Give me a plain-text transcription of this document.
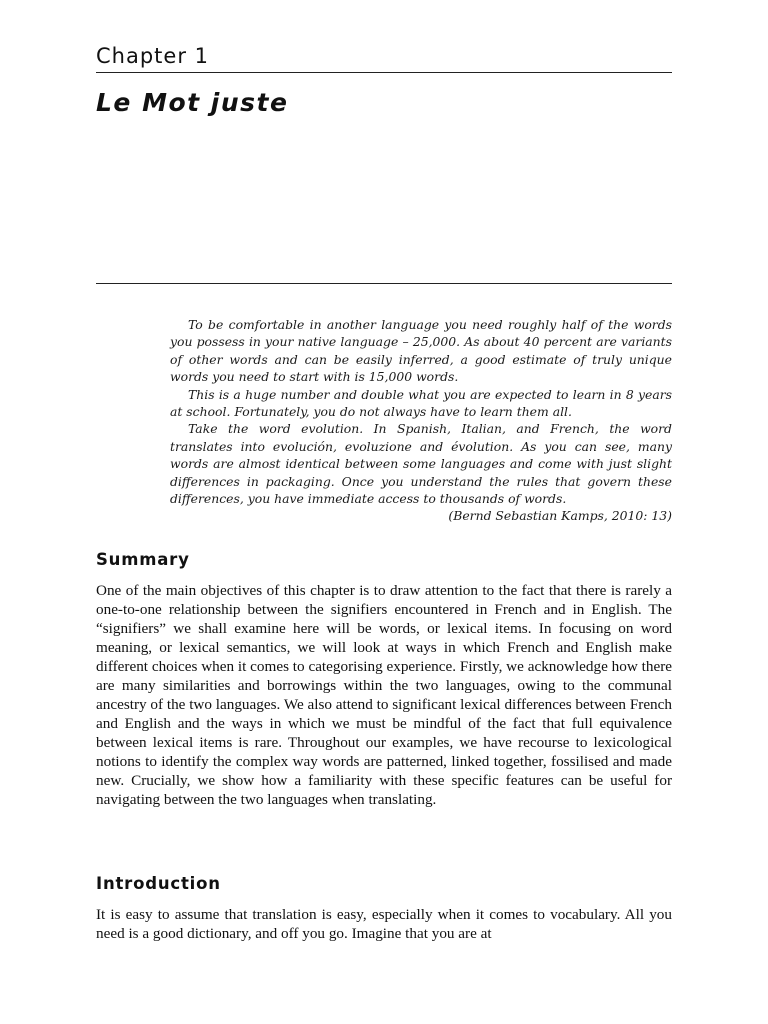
Chapter 1
Le Mot juste

To be comfortable in another language you need roughly half of the words you possess in your native language – 25,000. As about 40 percent are variants of other words and can be easily inferred, a good estimate of truly unique words you need to start with is 15,000 words.

This is a huge number and double what you are expected to learn in 8 years at school. Fortunately, you do not always have to learn them all.

Take the word evolution. In Spanish, Italian, and French, the word translates into evolución, evoluzione and évolution. As you can see, many words are almost identical between some languages and come with just slight differences in packaging. Once you understand the rules that govern these differences, you have immediate access to thousands of words.

(Bernd Sebastian Kamps, 2010: 13)

Summary

One of the main objectives of this chapter is to draw attention to the fact that there is rarely a one-to-one relationship between the signifiers encountered in French and in English. The “signifiers” we shall examine here will be words, or lexical items. In focusing on word meaning, or lexical semantics, we will look at ways in which French and English make different choices when it comes to categorising experience. Firstly, we acknowledge how there are many similarities and borrowings within the two languages, owing to the communal ancestry of the two languages. We also attend to significant lexical differences between French and English and the ways in which we must be mindful of the fact that full equivalence between lexical items is rare. Throughout our examples, we have recourse to lexicological notions to identify the complex way words are patterned, linked together, fossilised and made new. Crucially, we show how a familiarity with these specific features can be useful for navigating between the two languages when translating.

Introduction

It is easy to assume that translation is easy, especially when it comes to vocabulary. All you need is a good dictionary, and off you go. Imagine that you are at
